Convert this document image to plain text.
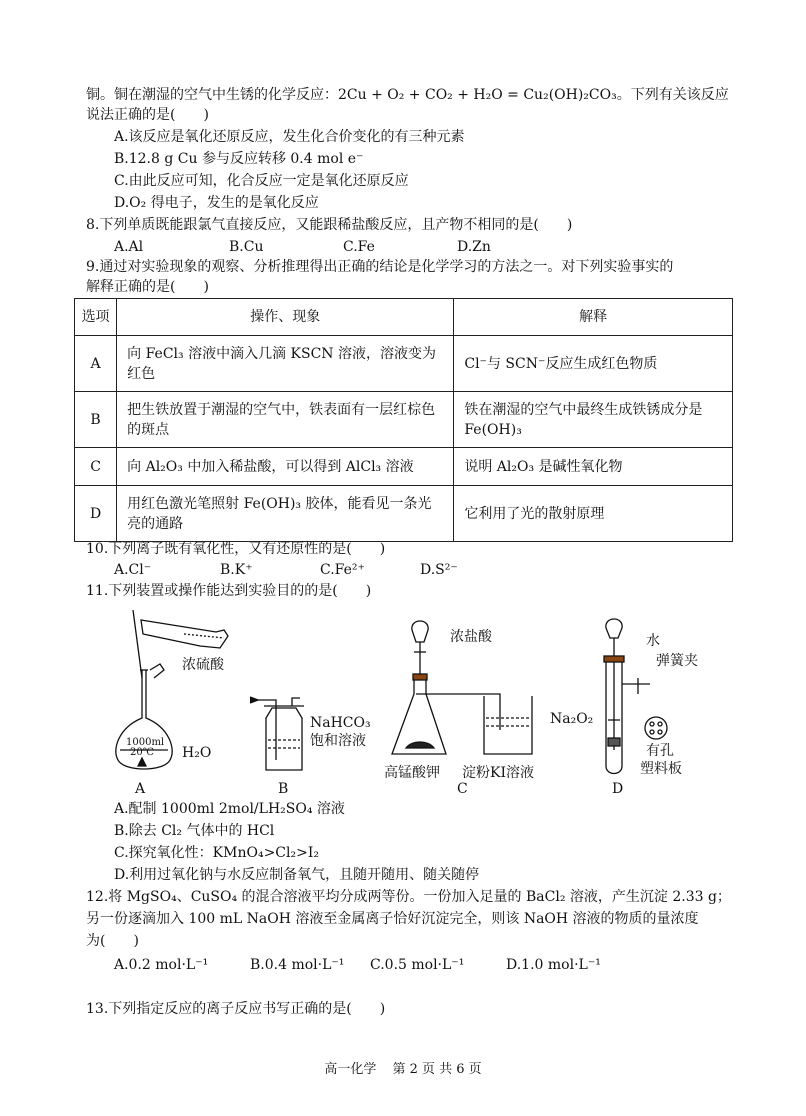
铜。铜在潮湿的空气中生锈的化学反应：2Cu + O₂ + CO₂ + H₂O = Cu₂(OH)₂CO₃。下列有关该反应
说法正确的是(　　)
A.该反应是氧化还原反应，发生化合价变化的有三种元素
B.12.8 g Cu 参与反应转移 0.4 mol e⁻
C.由此反应可知，化合反应一定是氧化还原反应
D.O₂ 得电子，发生的是氧化反应
8.下列单质既能跟氯气直接反应，又能跟稀盐酸反应，且产物不相同的是(　　)
A.Al	B.Cu	C.Fe	D.Zn
9.通过对实验现象的观察、分析推理得出正确的结论是化学学习的方法之一。对下列实验事实的
解释正确的是(　　)
选项	操作、现象	解释
A	向 FeCl₃ 溶液中滴入几滴 KSCN 溶液，溶液变为红色	Cl⁻与 SCN⁻反应生成红色物质
B	把生铁放置于潮湿的空气中，铁表面有一层红棕色的斑点	铁在潮湿的空气中最终生成铁锈成分是 Fe(OH)₃
C	向 Al₂O₃ 中加入稀盐酸，可以得到 AlCl₃ 溶液	说明 Al₂O₃ 是碱性氧化物
D	用红色激光笔照射 Fe(OH)₃ 胶体，能看见一条光亮的通路	它利用了光的散射原理
10.下列离子既有氧化性，又有还原性的是(　　)
A.Cl⁻	B.K⁺	C.Fe²⁺	D.S²⁻
11.下列装置或操作能达到实验目的的是(　　)
浓硫酸
1000ml
20℃ H₂O
NaHCO₃
饱和溶液
浓盐酸
高锰酸钾 淀粉KI溶液
水
弹簧夹
Na₂O₂
有孔
塑料板
A	B	C	D
A.配制 1000ml 2mol/LH₂SO₄ 溶液
B.除去 Cl₂ 气体中的 HCl
C.探究氧化性：KMnO₄>Cl₂>I₂
D.利用过氧化钠与水反应制备氧气，且随开随用、随关随停
12.将 MgSO₄、CuSO₄ 的混合溶液平均分成两等份。一份加入足量的 BaCl₂ 溶液，产生沉淀 2.33 g；
另一份逐滴加入 100 mL NaOH 溶液至金属离子恰好沉淀完全，则该 NaOH 溶液的物质的量浓度
为(　　)
A.0.2 mol·L⁻¹	B.0.4 mol·L⁻¹ C.0.5 mol·L⁻¹	D.1.0 mol·L⁻¹
13.下列指定反应的离子反应书写正确的是(　　)
高一化学 第 2 页 共 6 页
